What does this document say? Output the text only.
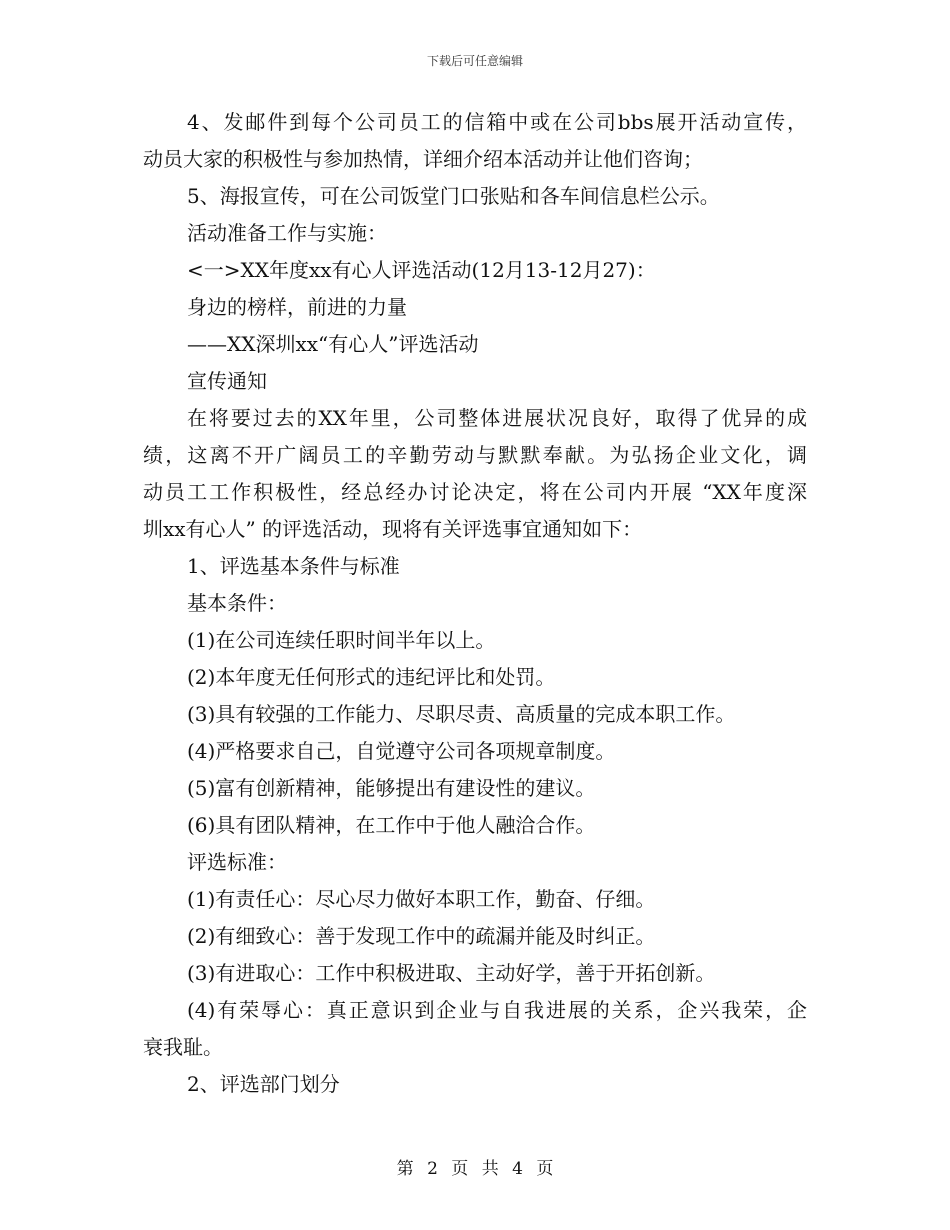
下载后可任意编辑
4、发邮件到每个公司员工的信箱中或在公司bbs展开活动宣传，
动员大家的积极性与参加热情，详细介绍本活动并让他们咨询；
5、海报宣传，可在公司饭堂门口张贴和各车间信息栏公示。
活动准备工作与实施：
<一>XX年度xx有心人评选活动(12月13-12月27)：
身边的榜样，前进的力量
——XX深圳xx“有心人”评选活动
宣传通知
在将要过去的XX年里，公司整体进展状况良好，取得了优异的成
绩，这离不开广阔员工的辛勤劳动与默默奉献。为弘扬企业文化，调
动员工工作积极性，经总经办讨论决定，将在公司内开展 “XX年度深
圳xx有心人” 的评选活动，现将有关评选事宜通知如下：
1、评选基本条件与标准
基本条件：
(1)在公司连续任职时间半年以上。
(2)本年度无任何形式的违纪评比和处罚。
(3)具有较强的工作能力、尽职尽责、高质量的完成本职工作。
(4)严格要求自己，自觉遵守公司各项规章制度。
(5)富有创新精神，能够提出有建设性的建议。
(6)具有团队精神，在工作中于他人融洽合作。
评选标准：
(1)有责任心：尽心尽力做好本职工作，勤奋、仔细。
(2)有细致心：善于发现工作中的疏漏并能及时纠正。
(3)有进取心：工作中积极进取、主动好学，善于开拓创新。
(4)有荣辱心：真正意识到企业与自我进展的关系，企兴我荣，企
衰我耻。
2、评选部门划分
第 2 页 共 4 页
